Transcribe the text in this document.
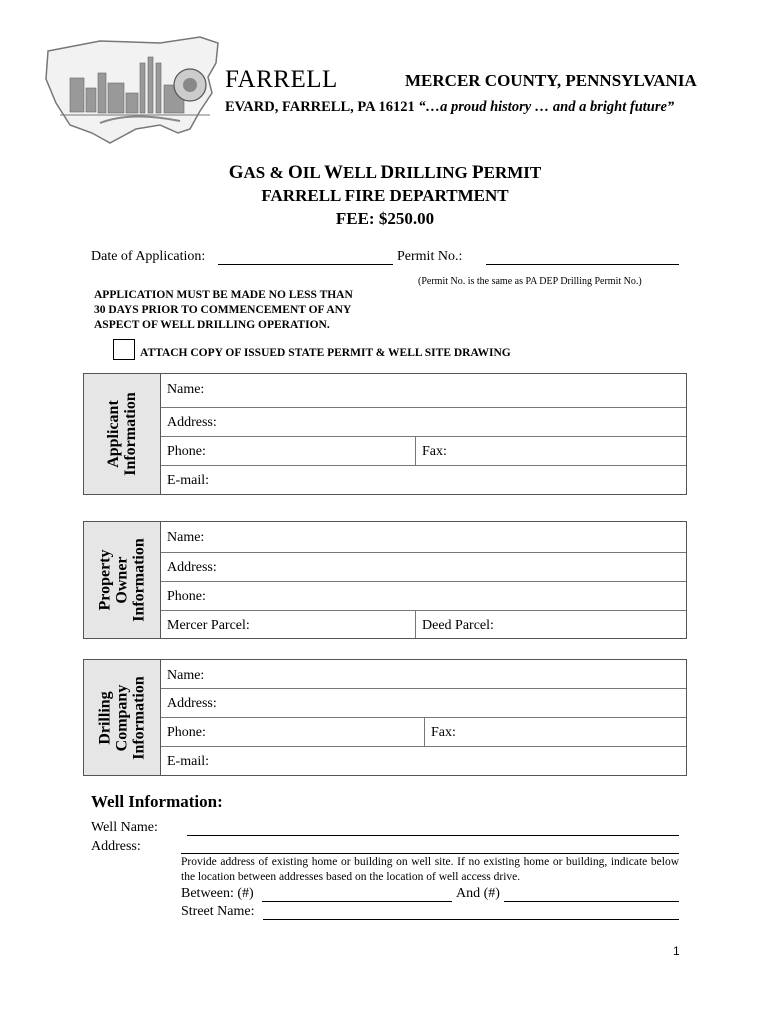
FARRELL	MERCER COUNTY, PENNSYLVANIA
EVARD, FARRELL, PA 16121 “…a proud history … and a bright future”
GAS & OIL WELL DRILLING PERMIT
FARRELL FIRE DEPARTMENT
FEE: $250.00
Date of Application:	Permit No.:
(Permit No. is the same as PA DEP Drilling Permit No.)
APPLICATION MUST BE MADE NO LESS THAN
30 DAYS PRIOR TO COMMENCEMENT OF ANY
ASPECT OF WELL DRILLING OPERATION.
ATTACH COPY OF ISSUED STATE PERMIT & WELL SITE DRAWING
Applicant Information
Name:
Address:
Phone:	Fax:
E-mail:
Property Owner Information
Name:
Address:
Phone:
Mercer Parcel:	Deed Parcel:
Drilling Company Information
Name:
Address:
Phone:	Fax:
E-mail:
Well Information:
Well Name:
Address:
Provide address of existing home or building on well site. If no existing home or building, indicate below the location between addresses based on the location of well access drive.
Between: (#)	And (#)
Street Name:
1
